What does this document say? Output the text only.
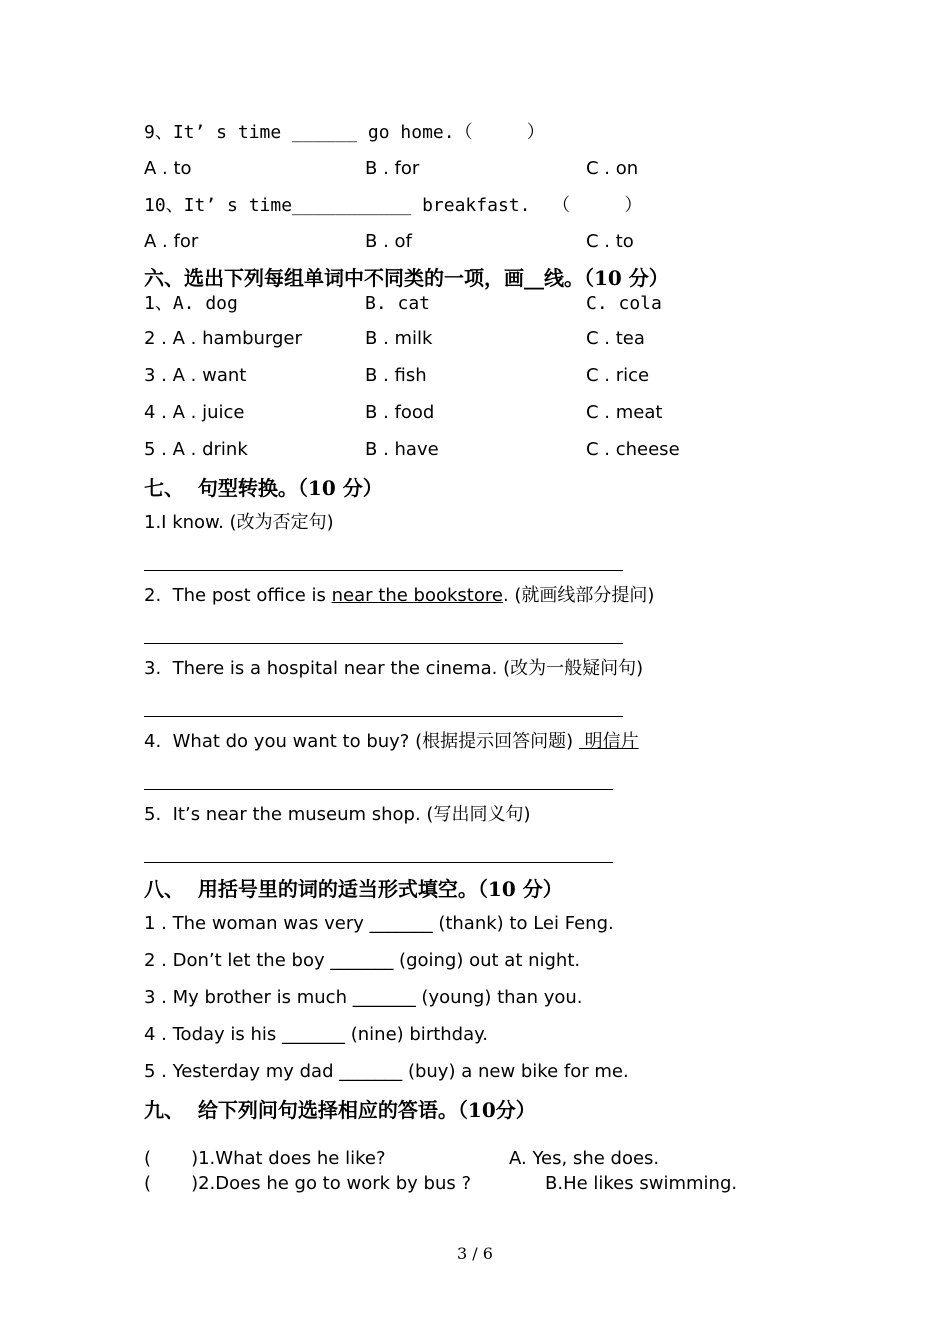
9、It’ s time ______ go home.（     ）
A . to	B . for	C . on
10、It’ s time___________ breakfast.  （     ）
A . for	B . of	C . to
六、选出下列每组单词中不同类的一项，画__线。（10 分）
1、A. dog	B. cat	C. cola
2 . A . hamburger	B . milk	C . tea
3 . A . want	B . fish	C . rice
4 . A . juice	B . food	C . meat
5 . A . drink	B . have	C . cheese
七、  句型转换。（10 分）
1.I know. (改为否定句)
2.  The post office is near the bookstore. (就画线部分提问)
3.  There is a hospital near the cinema. (改为一般疑问句)
4.  What do you want to buy? (根据提示回答问题)  明信片
5.  It’s near the museum shop. (写出同义句)
八、  用括号里的词的适当形式填空。（10 分）
1 . The woman was very _______ (thank) to Lei Feng.
2 . Don’t let the boy _______ (going) out at night.
3 . My brother is much _______ (young) than you.
4 . Today is his _______ (nine) birthday.
5 . Yesterday my dad _______ (buy) a new bike for me.
九、  给下列问句选择相应的答语。（10分）
(       )1.What does he like?	A. Yes, she does.
(       )2.Does he go to work by bus ?	B.He likes swimming.
3 / 6
